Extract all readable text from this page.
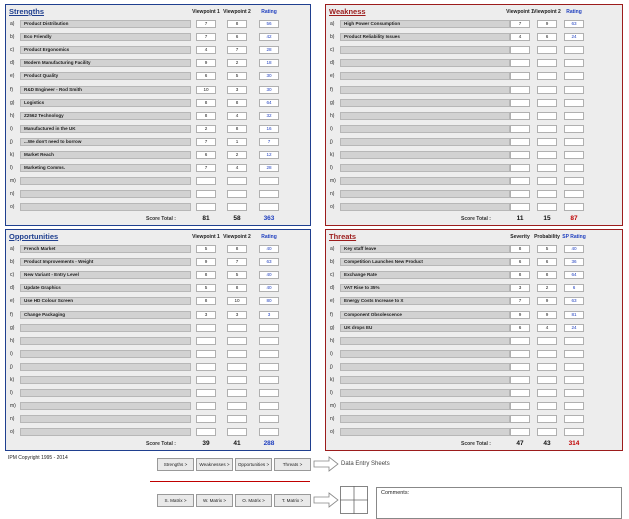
Strengths	Viewpoint 1 Viewpoint 2	Rating
a)	Product Distribution	7	8	56
b)	Eco Friendly	7	6	42
c)	Product Ergonomics	4	7	28
d)	Modern Manufacturing Facility	9	2	18
e)	Product Quality	6	5	30
f)	R&D Engineer - Rod Smith	10	3	30
g)	Logistics	8	8	64
h)	Z2562 Technology	8	4	32
i)	Manufactured in the UK	2	8	16
j)	...We don't need to borrow	7	1	7
k)	Market Reach	6	2	12
l)	Marketing Comms.	7	4	28
m)
n)
o)
Score Total :	81	58	363
Weakness	Viewpoint 1 Viewpoint 2	Rating
a)	High Power Consumption	7	9	63
b)	Product Reliability Issues	4	6	24
c)
d)
e)
f)
g)
h)
i)
j)
k)
l)
m)
n)
o)
Score Total :	11	15	87
Opportunities	Viewpoint 1 Viewpoint 2	Rating
a)	French Market	5	8	40
b)	Product Improvements - Weight	9	7	63
c)	New Variant - Entry Level	8	5	40
d)	Update Graphics	5	8	40
e)	Use HD Colour Screen	8	10	80
f)	Change Packaging	3	3	3
g)
h)
i)
j)
k)
l)
m)
n)
o)
Score Total :	39	41	288
Threats	Severity Probability SP Rating
a)	Key staff leave	8	5	40
b)	Competition Launches New Product	6	6	36
c)	Exchange Rate	8	8	64
d)	VAT Rise to 35%	3	2	6
e)	Energy Costs Increase to X	7	9	63
f)	Component Obsolescence	9	9	81
g)	UK drops EU	6	4	24
h)
i)
j)
k)
l)
m)
n)
o)
Score Total :	47	43	314
IPM Copyright 1995 - 2014
Strengths >	Weaknesses >	Opportunities >	Threats >	Data Entry Sheets
S. Matrix >	W. Matrix >	O. Matrix >	T. Matrix >
Comments:
